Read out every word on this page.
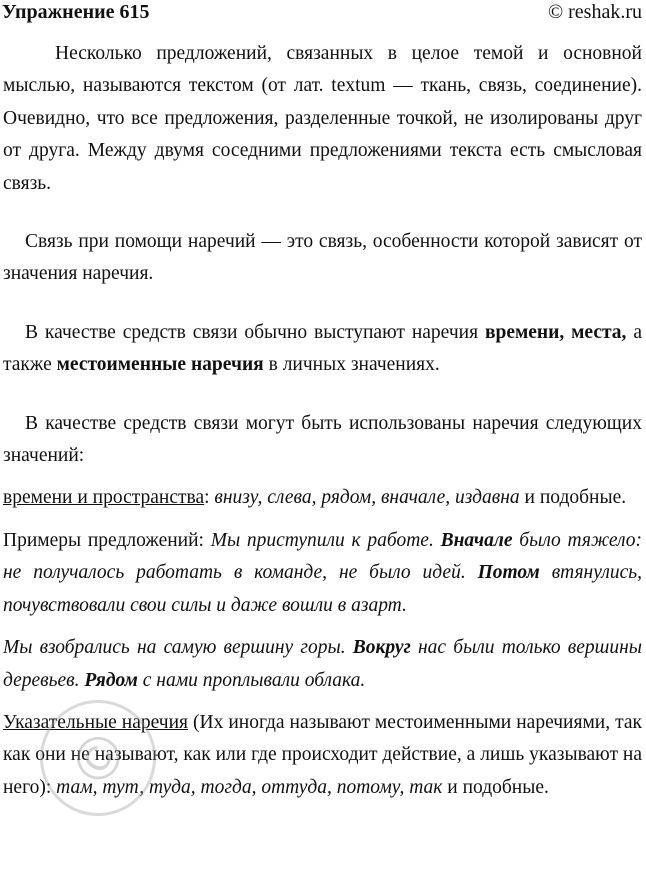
Упражнение 615	© reshak.ru

Несколько предложений, связанных в целое темой и основной мыслью, называются текстом (от лат. textum — ткань, связь, соединение). Очевидно, что все предложения, разделенные точкой, не изолированы друг от друга. Между двумя соседними предложениями текста есть смысловая связь.

Связь при помощи наречий — это связь, особенности которой зависят от значения наречия.

В качестве средств связи обычно выступают наречия времени, места, а также местоименные наречия в личных значениях.

В качестве средств связи могут быть использованы наречия следующих значений:

времени и пространства: внизу, слева, рядом, вначале, издавна и подобные.

Примеры предложений: Мы приступили к работе. Вначале было тяжело: не получалось работать в команде, не было идей. Потом втянулись, почувствовали свои силы и даже вошли в азарт.

Мы взобрались на самую вершину горы. Вокруг нас были только вершины деревьев. Рядом с нами проплывали облака.

Указательные наречия (Их иногда называют местоименными наречиями, так как они не называют, как или где происходит действие, а лишь указывают на него): там, тут, туда, тогда, оттуда, потому, так и подобные.

©
